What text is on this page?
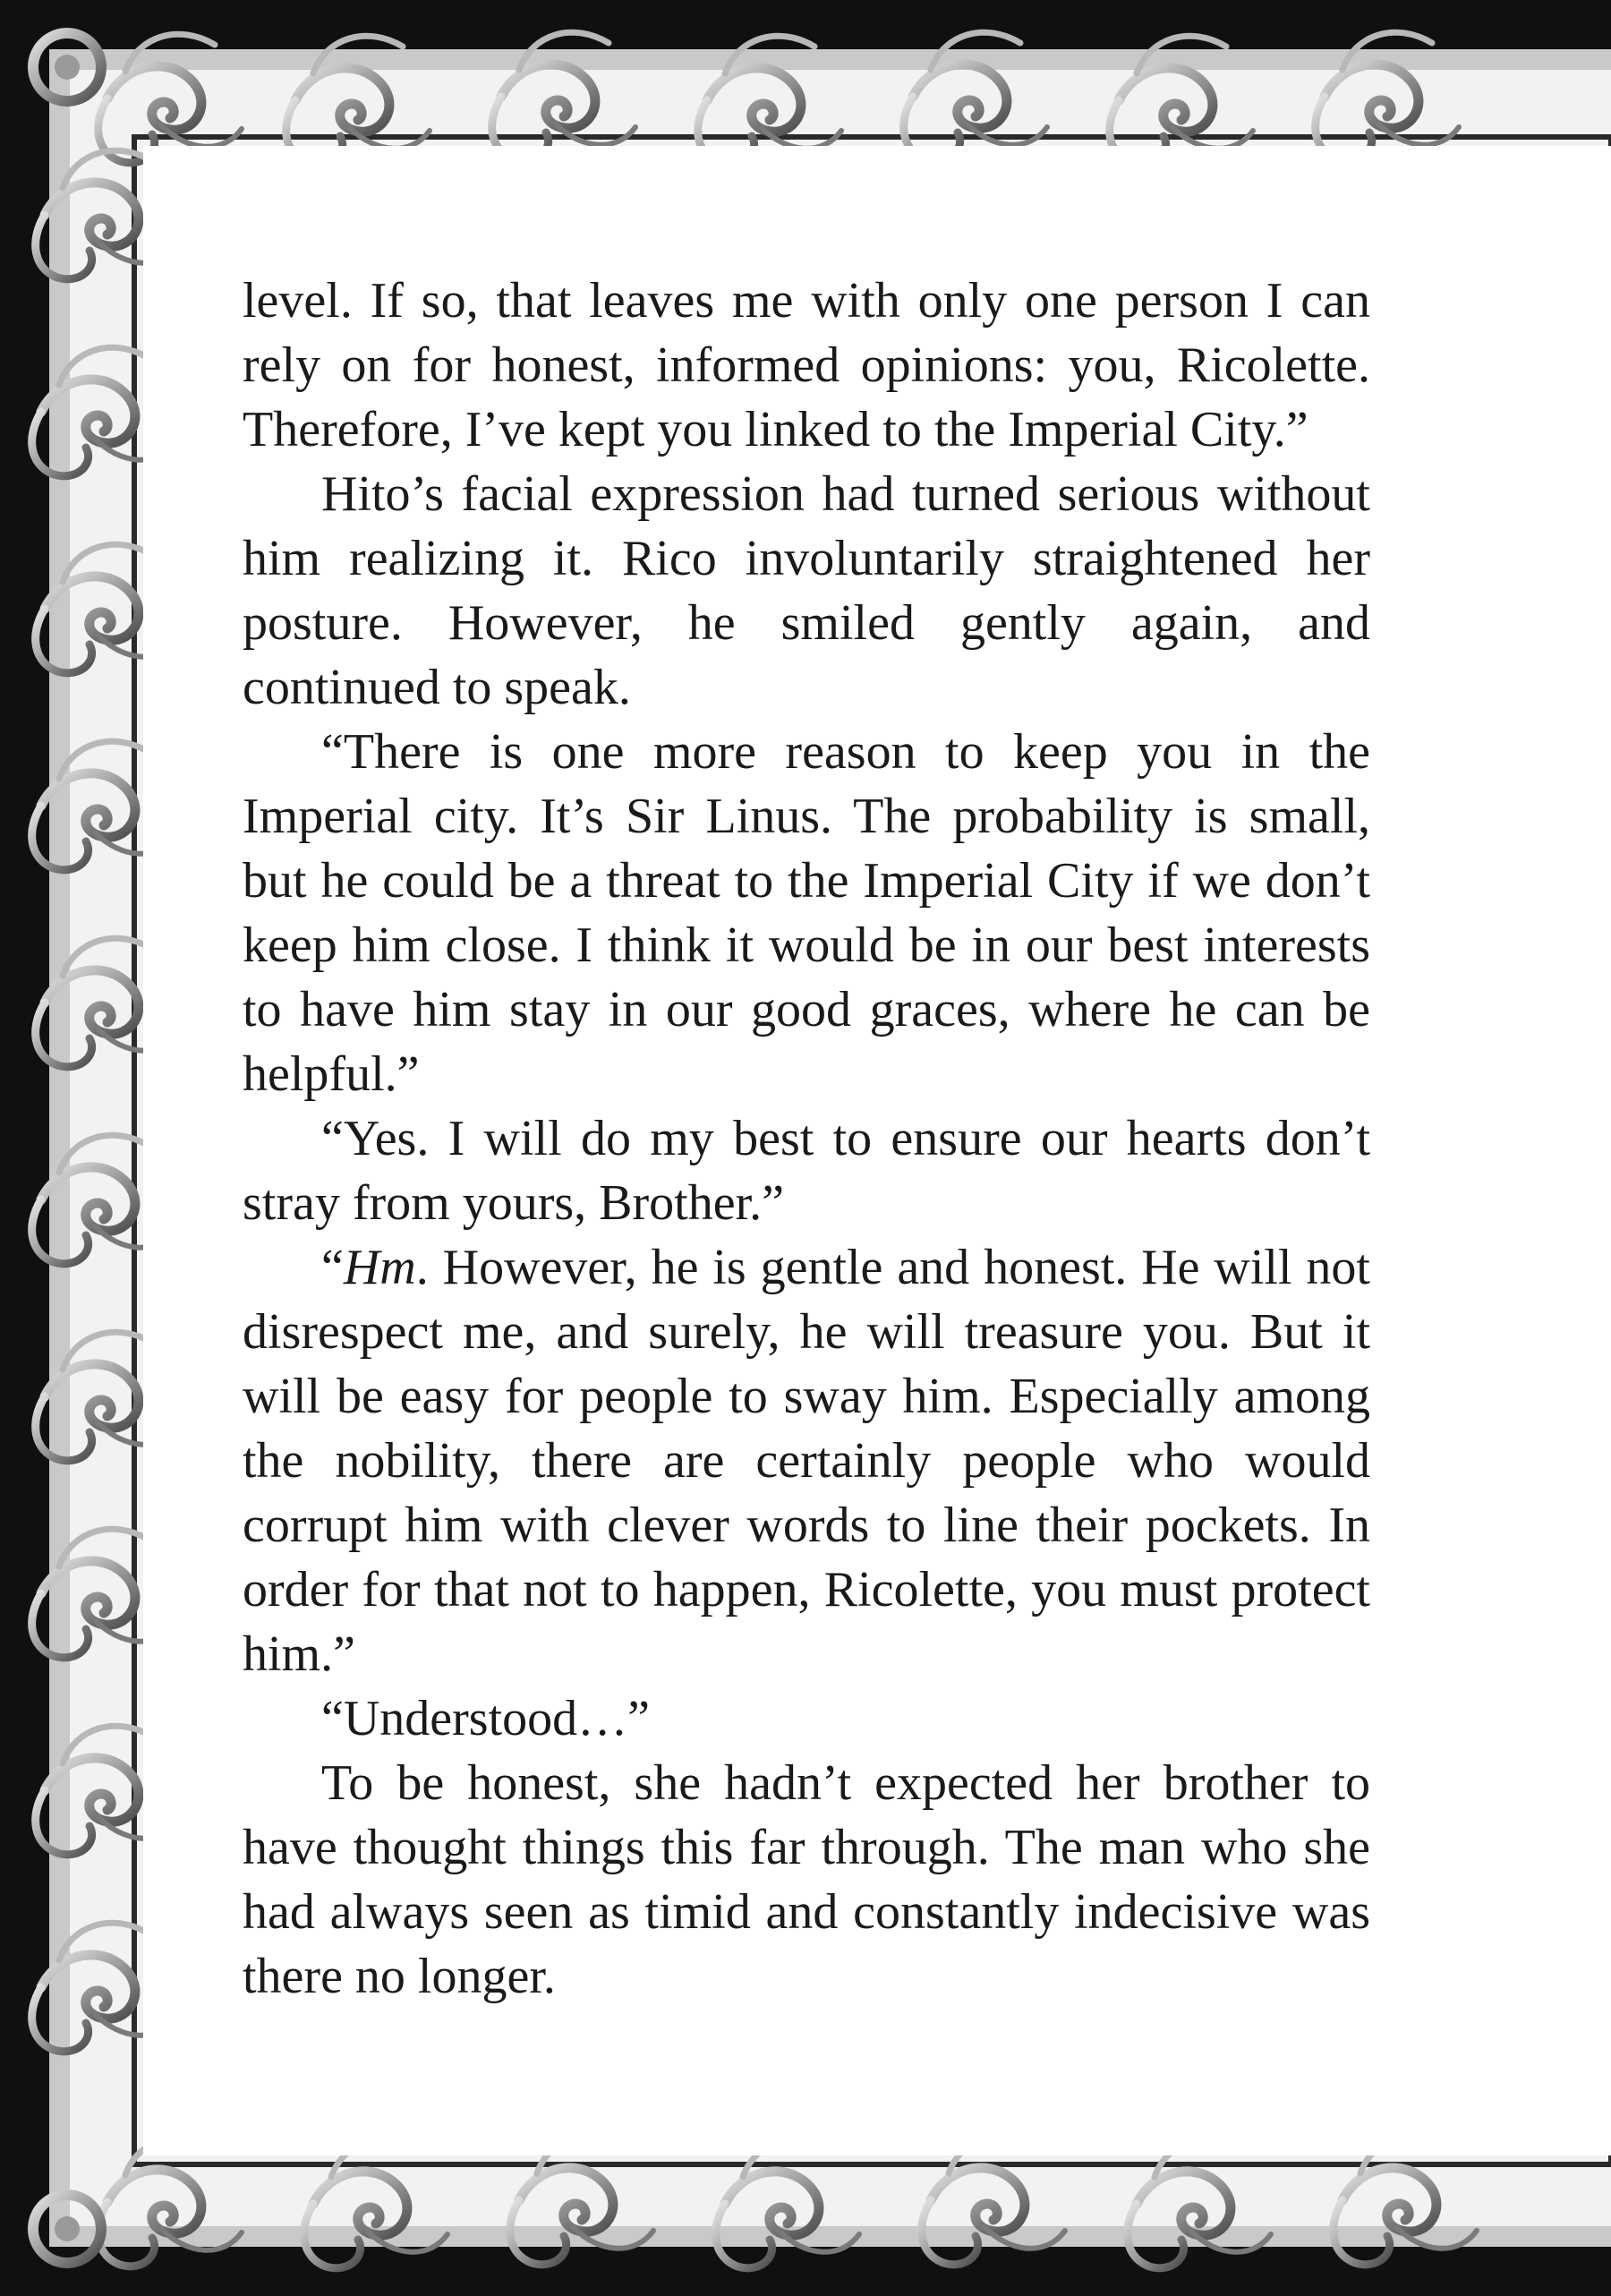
level. If so, that leaves me with only one person I can rely on for honest, informed opinions: you, Ricolette. Therefore, I’ve kept you linked to the Imperial City.”

Hito’s facial expression had turned serious without him realizing it. Rico involuntarily straightened her posture. However, he smiled gently again, and continued to speak.

“There is one more reason to keep you in the Imperial city. It’s Sir Linus. The probability is small, but he could be a threat to the Imperial City if we don’t keep him close. I think it would be in our best interests to have him stay in our good graces, where he can be helpful.”

“Yes. I will do my best to ensure our hearts don’t stray from yours, Brother.”

“Hm. However, he is gentle and honest. He will not disrespect me, and surely, he will treasure you. But it will be easy for people to sway him. Especially among the nobility, there are certainly people who would corrupt him with clever words to line their pockets. In order for that not to happen, Ricolette, you must protect him.”

“Understood…”

To be honest, she hadn’t expected her brother to have thought things this far through. The man who she had always seen as timid and constantly indecisive was there no longer.
